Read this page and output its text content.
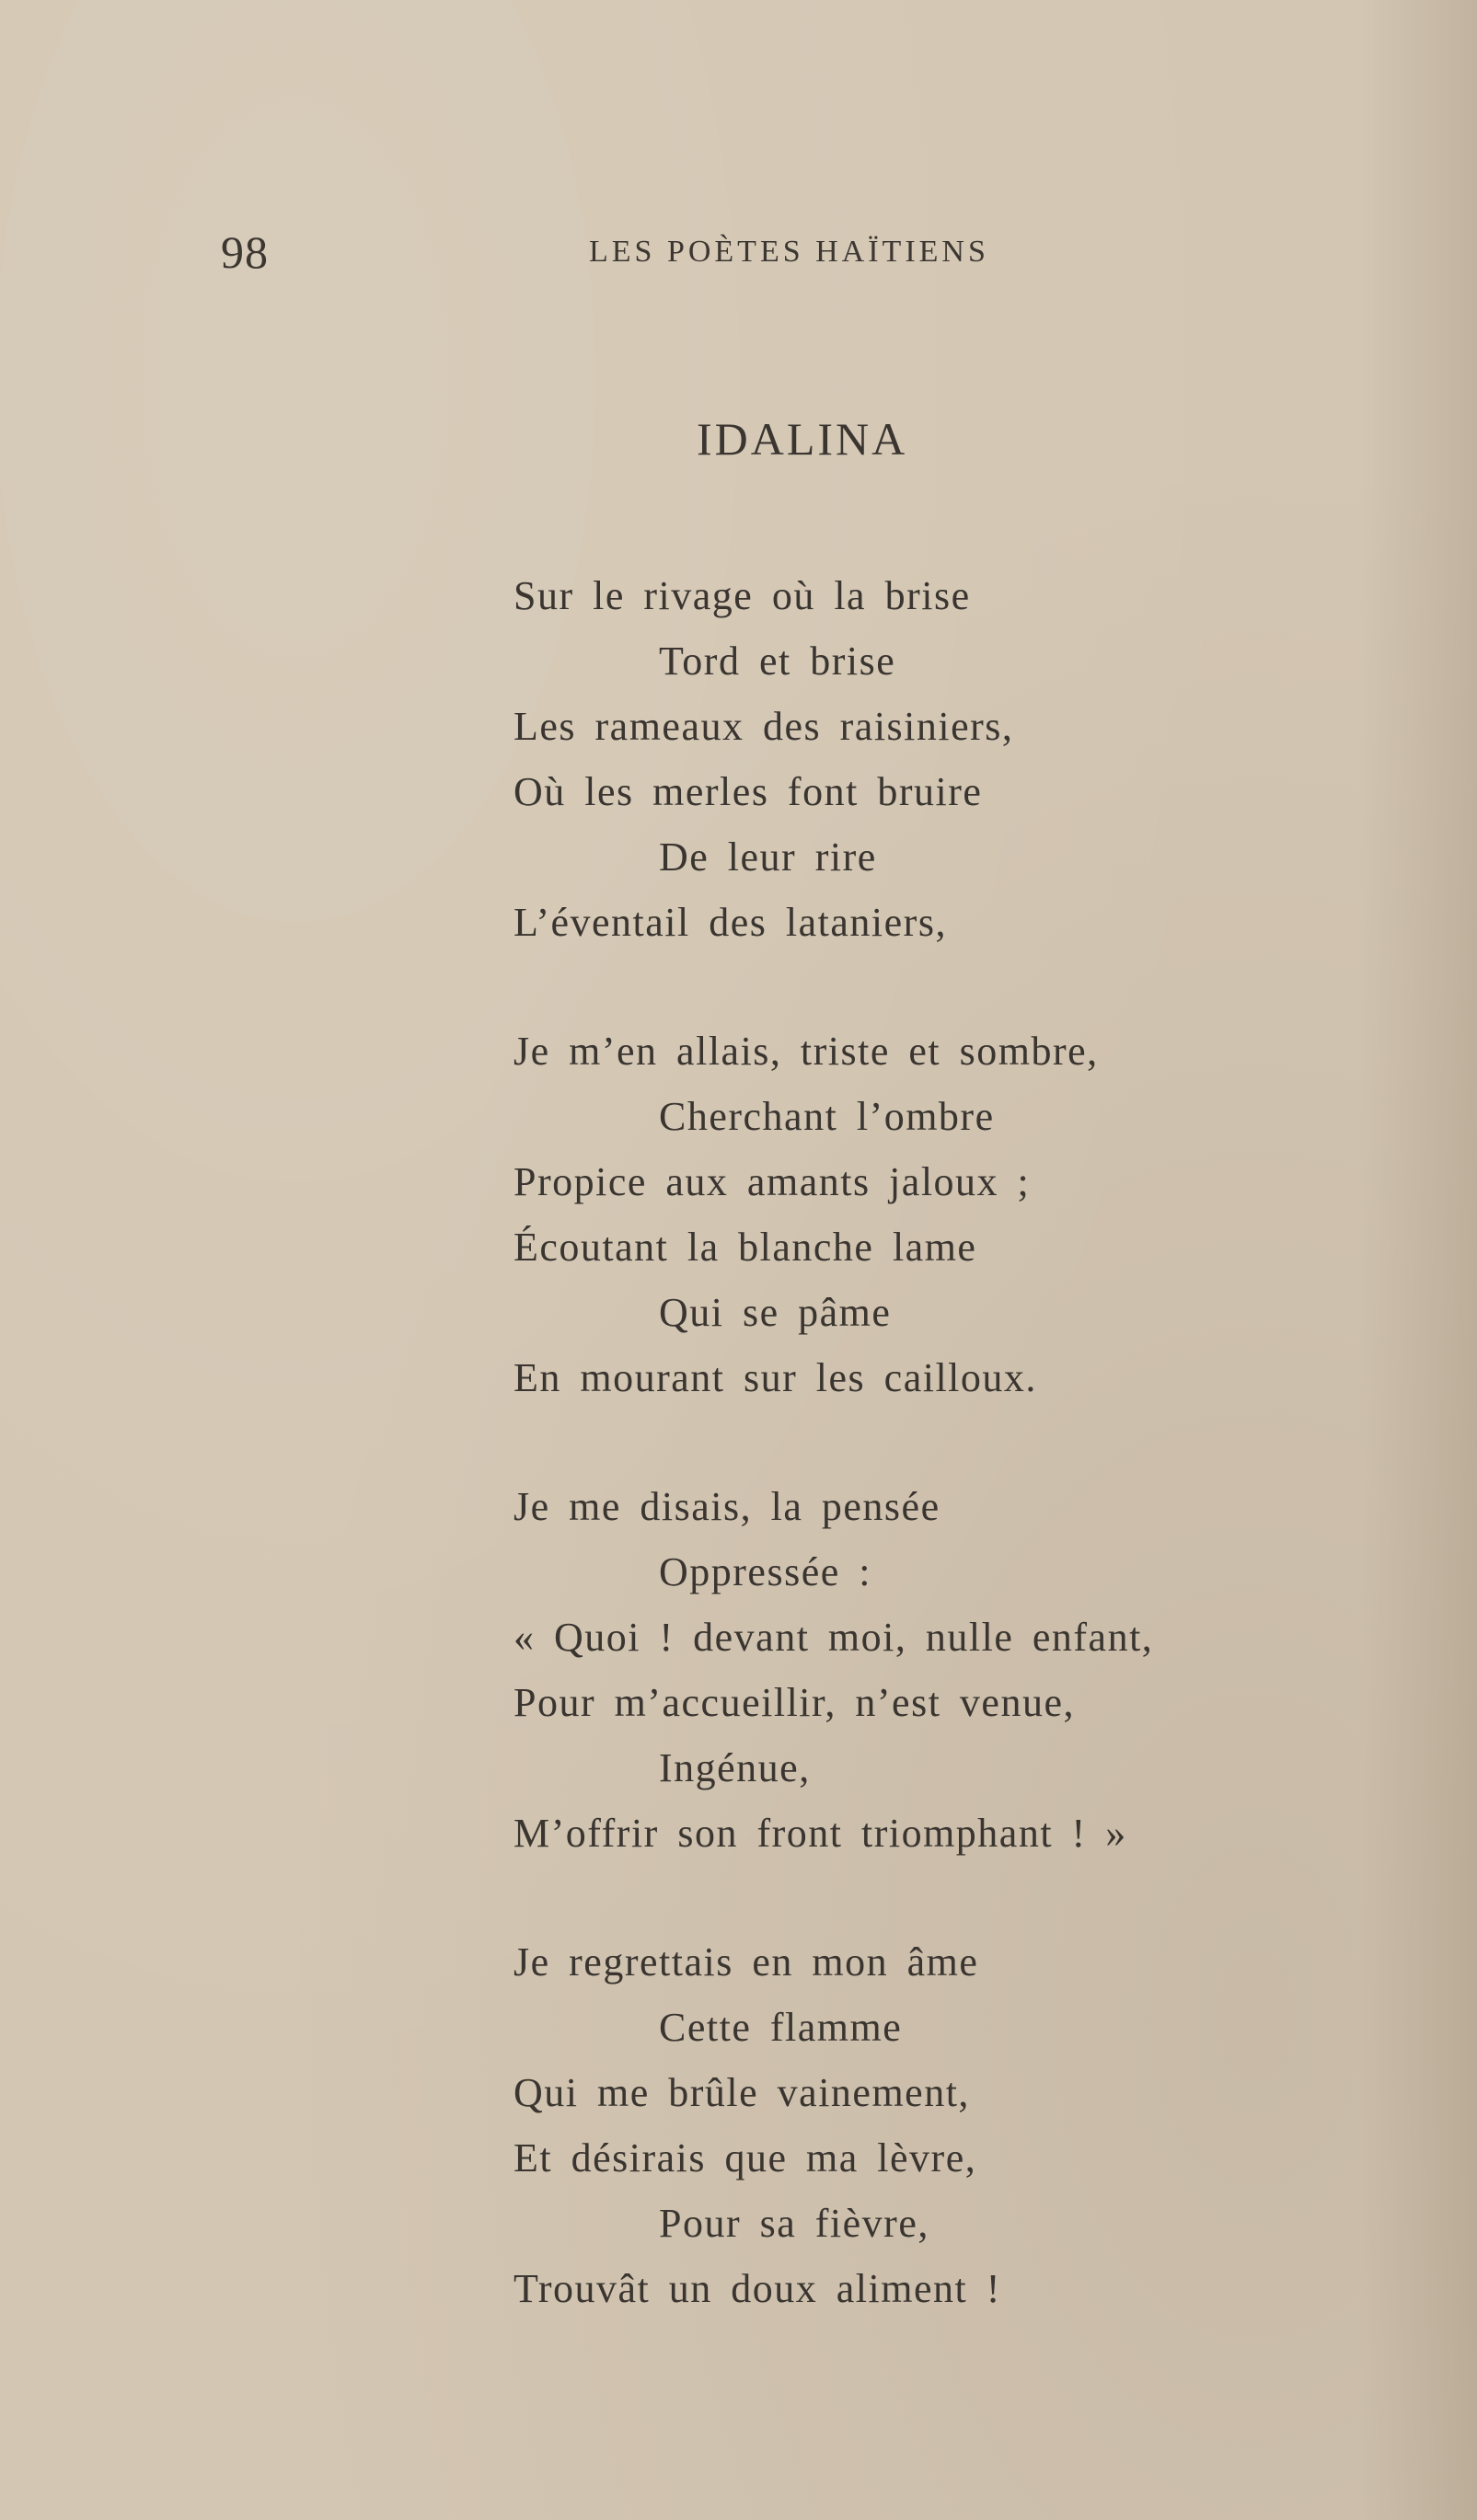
98	LES POÈTES HAÏTIENS
IDALINA
Sur le rivage où la brise
Tord et brise
Les rameaux des raisiniers,
Où les merles font bruire
De leur rire
L’éventail des lataniers,
Je m’en allais, triste et sombre,
Cherchant l’ombre
Propice aux amants jaloux ;
Écoutant la blanche lame
Qui se pâme
En mourant sur les cailloux.
Je me disais, la pensée
Oppressée :
« Quoi ! devant moi, nulle enfant,
Pour m’accueillir, n’est venue,
Ingénue,
M’offrir son front triomphant ! »
Je regrettais en mon âme
Cette flamme
Qui me brûle vainement,
Et désirais que ma lèvre,
Pour sa fièvre,
Trouvât un doux aliment !
